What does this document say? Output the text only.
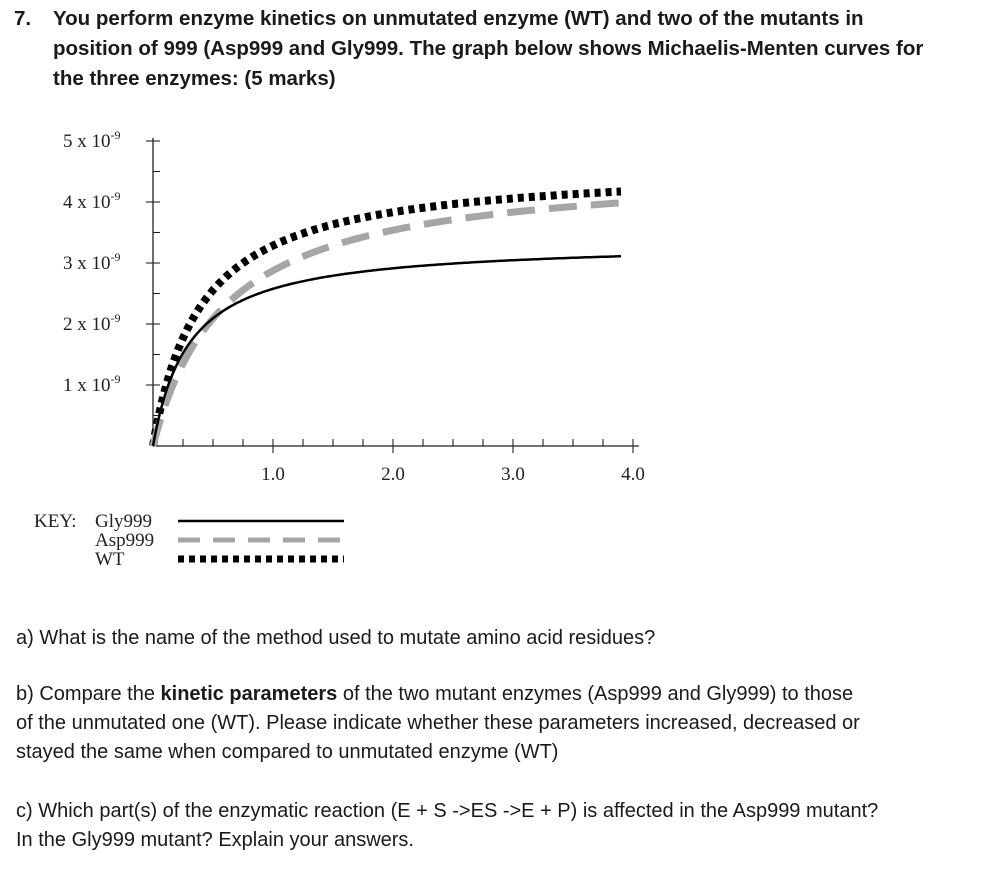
7. You perform enzyme kinetics on unmutated enzyme (WT) and two of the mutants in
position of 999 (Asp999 and Gly999. The graph below shows Michaelis-Menten curves for
the three enzymes: (5 marks)
1 x $10^{-9}$
2 x $10^{-9}$
3 x $10^{-9}$
4 x $10^{-9}$
5 x $10^{-9}$
1.0	2.0	3.0	4.0
KEY: Gly999
Asp999
WT
a) What is the name of the method used to mutate amino acid residues?
b) Compare the kinetic parameters of the two mutant enzymes (Asp999 and Gly999) to those
of the unmutated one (WT). Please indicate whether these parameters increased, decreased or
stayed the same when compared to unmutated enzyme (WT)
c) Which part(s) of the enzymatic reaction (E + S ->ES ->E + P) is affected in the Asp999 mutant?
In the Gly999 mutant? Explain your answers.
